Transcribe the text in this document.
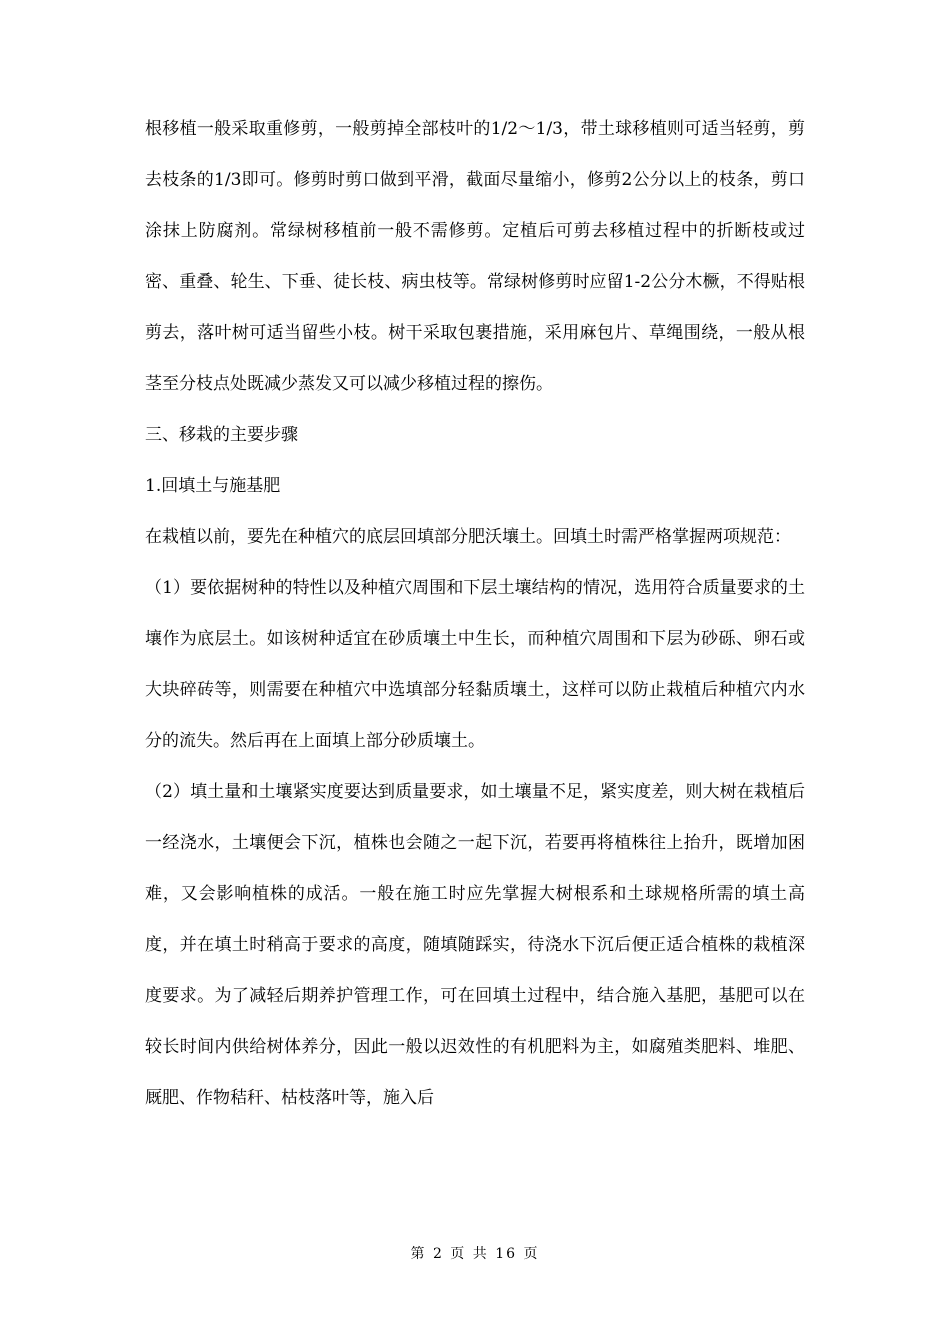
根移植一般采取重修剪，一般剪掉全部枝叶的1/2～1/3，带土球移植则可适当轻剪，剪去枝条的1/3即可。修剪时剪口做到平滑，截面尽量缩小，修剪2公分以上的枝条，剪口涂抹上防腐剂。常绿树移植前一般不需修剪。定植后可剪去移植过程中的折断枝或过密、重叠、轮生、下垂、徒长枝、病虫枝等。常绿树修剪时应留1-2公分木橛，不得贴根剪去，落叶树可适当留些小枝。树干采取包裹措施，采用麻包片、草绳围绕，一般从根茎至分枝点处既减少蒸发又可以减少移植过程的擦伤。

三、移栽的主要步骤

1.回填土与施基肥

在栽植以前，要先在种植穴的底层回填部分肥沃壤土。回填土时需严格掌握两项规范：

（1）要依据树种的特性以及种植穴周围和下层土壤结构的情况，选用符合质量要求的土壤作为底层土。如该树种适宜在砂质壤土中生长，而种植穴周围和下层为砂砾、卵石或大块碎砖等，则需要在种植穴中选填部分轻黏质壤土，这样可以防止栽植后种植穴内水分的流失。然后再在上面填上部分砂质壤土。

（2）填土量和土壤紧实度要达到质量要求，如土壤量不足，紧实度差，则大树在栽植后一经浇水，土壤便会下沉，植株也会随之一起下沉，若要再将植株往上抬升，既增加困难，又会影响植株的成活。一般在施工时应先掌握大树根系和土球规格所需的填土高度，并在填土时稍高于要求的高度，随填随踩实，待浇水下沉后便正适合植株的栽植深度要求。为了减轻后期养护管理工作，可在回填土过程中，结合施入基肥，基肥可以在较长时间内供给树体养分，因此一般以迟效性的有机肥料为主，如腐殖类肥料、堆肥、厩肥、作物秸秆、枯枝落叶等，施入后

第 2 页 共 16 页
